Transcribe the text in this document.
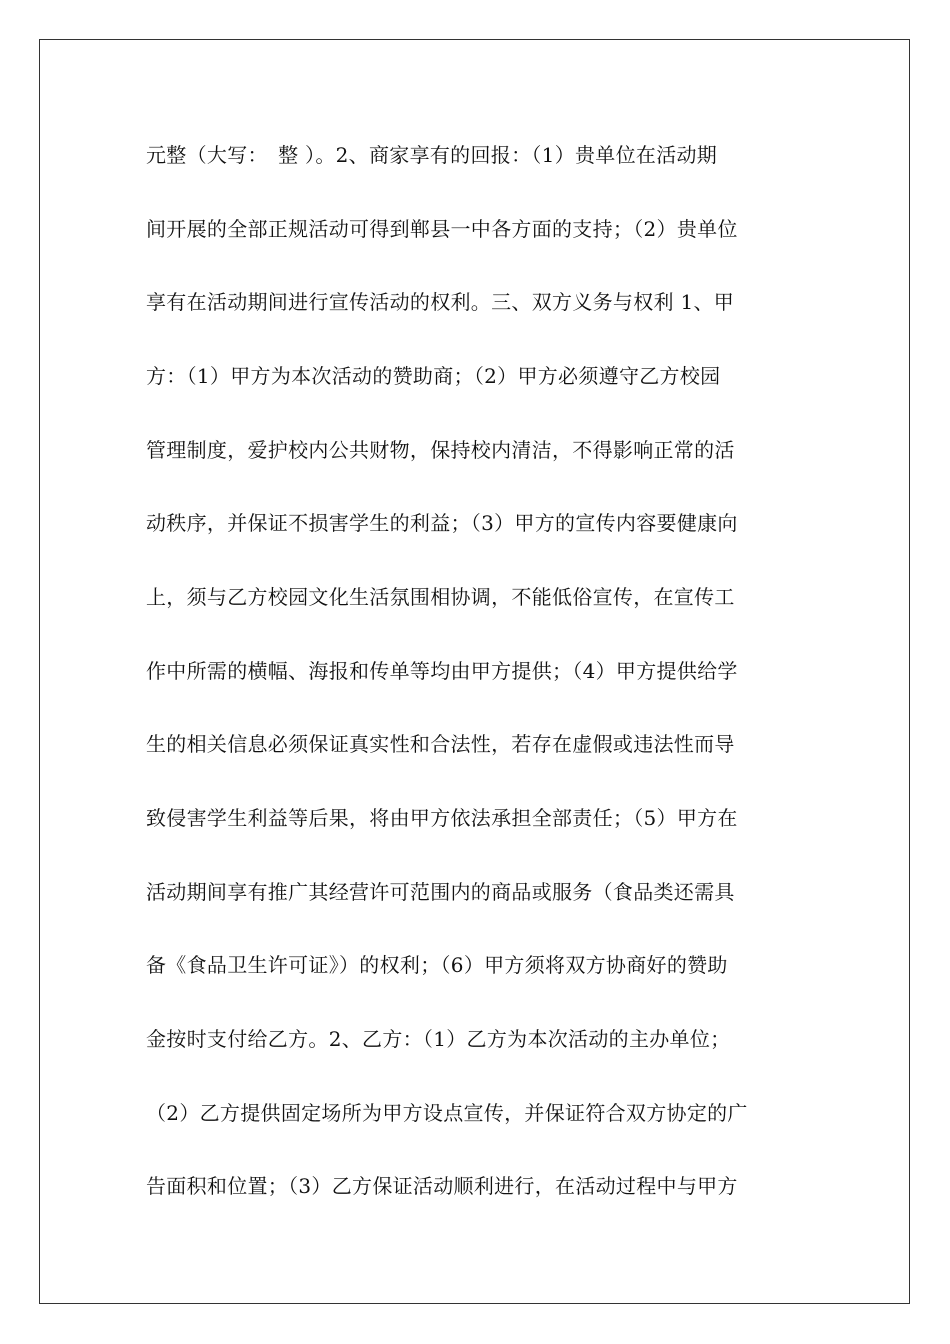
元整（大写：　整 ）。2、商家享有的回报：（1）贵单位在活动期
间开展的全部正规活动可得到郸县一中各方面的支持；（2）贵单位
享有在活动期间进行宣传活动的权利。三、双方义务与权利 1、甲
方：（1）甲方为本次活动的赞助商；（2）甲方必须遵守乙方校园
管理制度，爱护校内公共财物，保持校内清洁，不得影响正常的活
动秩序，并保证不损害学生的利益；（3）甲方的宣传内容要健康向
上，须与乙方校园文化生活氛围相协调，不能低俗宣传，在宣传工
作中所需的横幅、海报和传单等均由甲方提供；（4）甲方提供给学
生的相关信息必须保证真实性和合法性，若存在虚假或违法性而导
致侵害学生利益等后果，将由甲方依法承担全部责任；（5）甲方在
活动期间享有推广其经营许可范围内的商品或服务（食品类还需具
备《食品卫生许可证》）的权利；（6）甲方须将双方协商好的赞助
金按时支付给乙方。2、乙方：（1）乙方为本次活动的主办单位；
（2）乙方提供固定场所为甲方设点宣传，并保证符合双方协定的广
告面积和位置；（3）乙方保证活动顺利进行，在活动过程中与甲方
